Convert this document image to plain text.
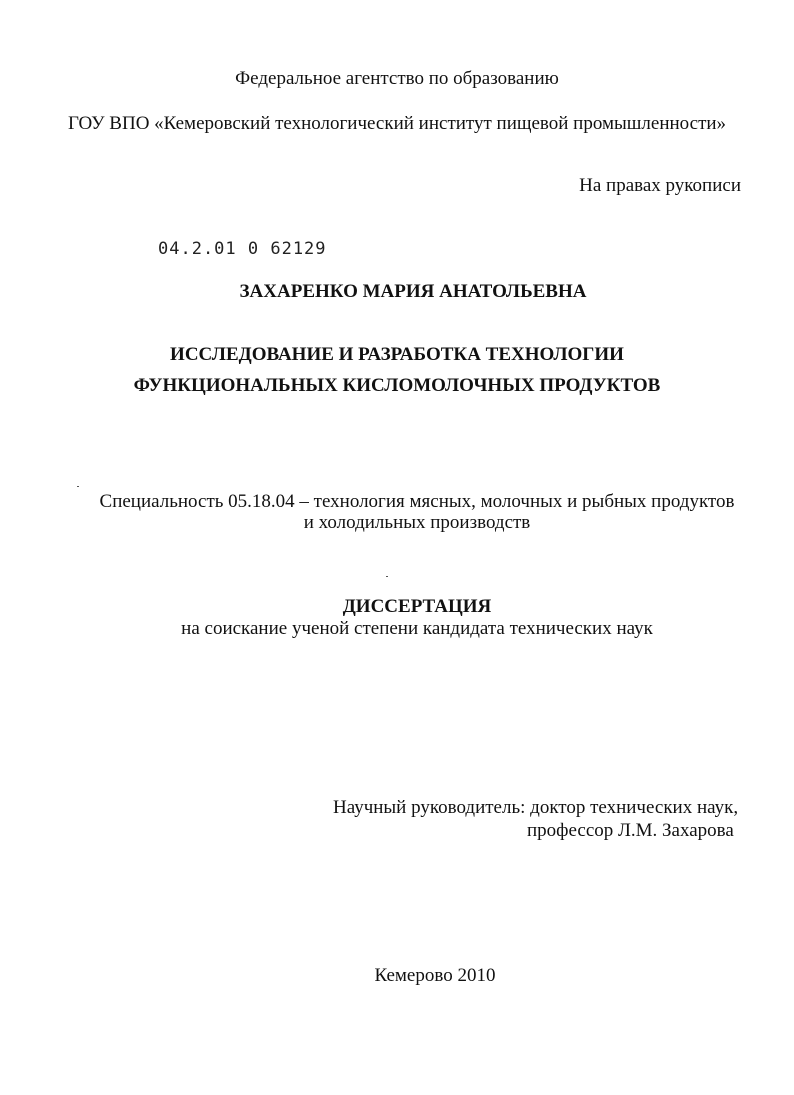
Федеральное агентство по образованию
ГОУ ВПО «Кемеровский технологический институт пищевой промышленности»
На правах рукописи
04.2.01 0 62129
ЗАХАРЕНКО МАРИЯ АНАТОЛЬЕВНА
ИССЛЕДОВАНИЕ И РАЗРАБОТКА ТЕХНОЛОГИИ
ФУНКЦИОНАЛЬНЫХ КИСЛОМОЛОЧНЫХ ПРОДУКТОВ
Специальность 05.18.04 – технология мясных, молочных и рыбных продуктов
и холодильных производств
ДИССЕРТАЦИЯ
на соискание ученой степени кандидата технических наук
Научный руководитель: доктор технических наук,
профессор Л.М. Захарова
Кемерово 2010
